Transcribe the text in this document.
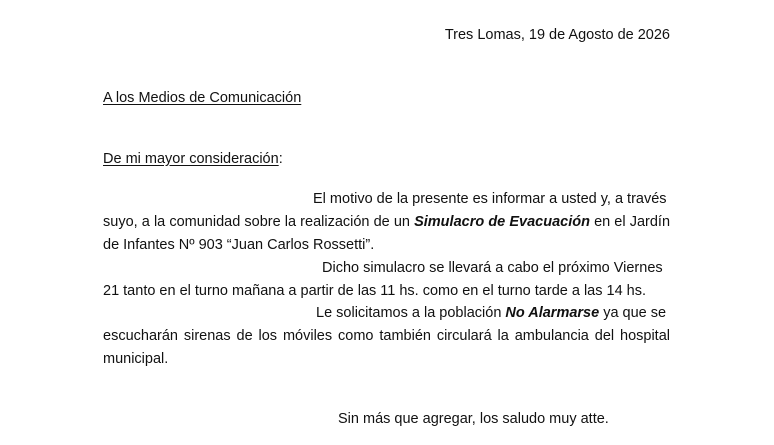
Tres Lomas, 19 de Agosto de 2026
A los Medios de Comunicación
De mi mayor consideración:
El motivo de la presente es informar a usted y, a través
suyo, a la comunidad sobre la realización de un Simulacro de Evacuación en el Jardín
de Infantes Nº 903 “Juan Carlos Rossetti”.
Dicho simulacro se llevará a cabo el próximo Viernes
21 tanto en el turno mañana a partir de las 11 hs. como en el turno tarde a las 14 hs.
Le solicitamos a la población No Alarmarse ya que se
escucharán sirenas de los móviles como también circulará la ambulancia del hospital
municipal.
Sin más que agregar, los saludo muy atte.
